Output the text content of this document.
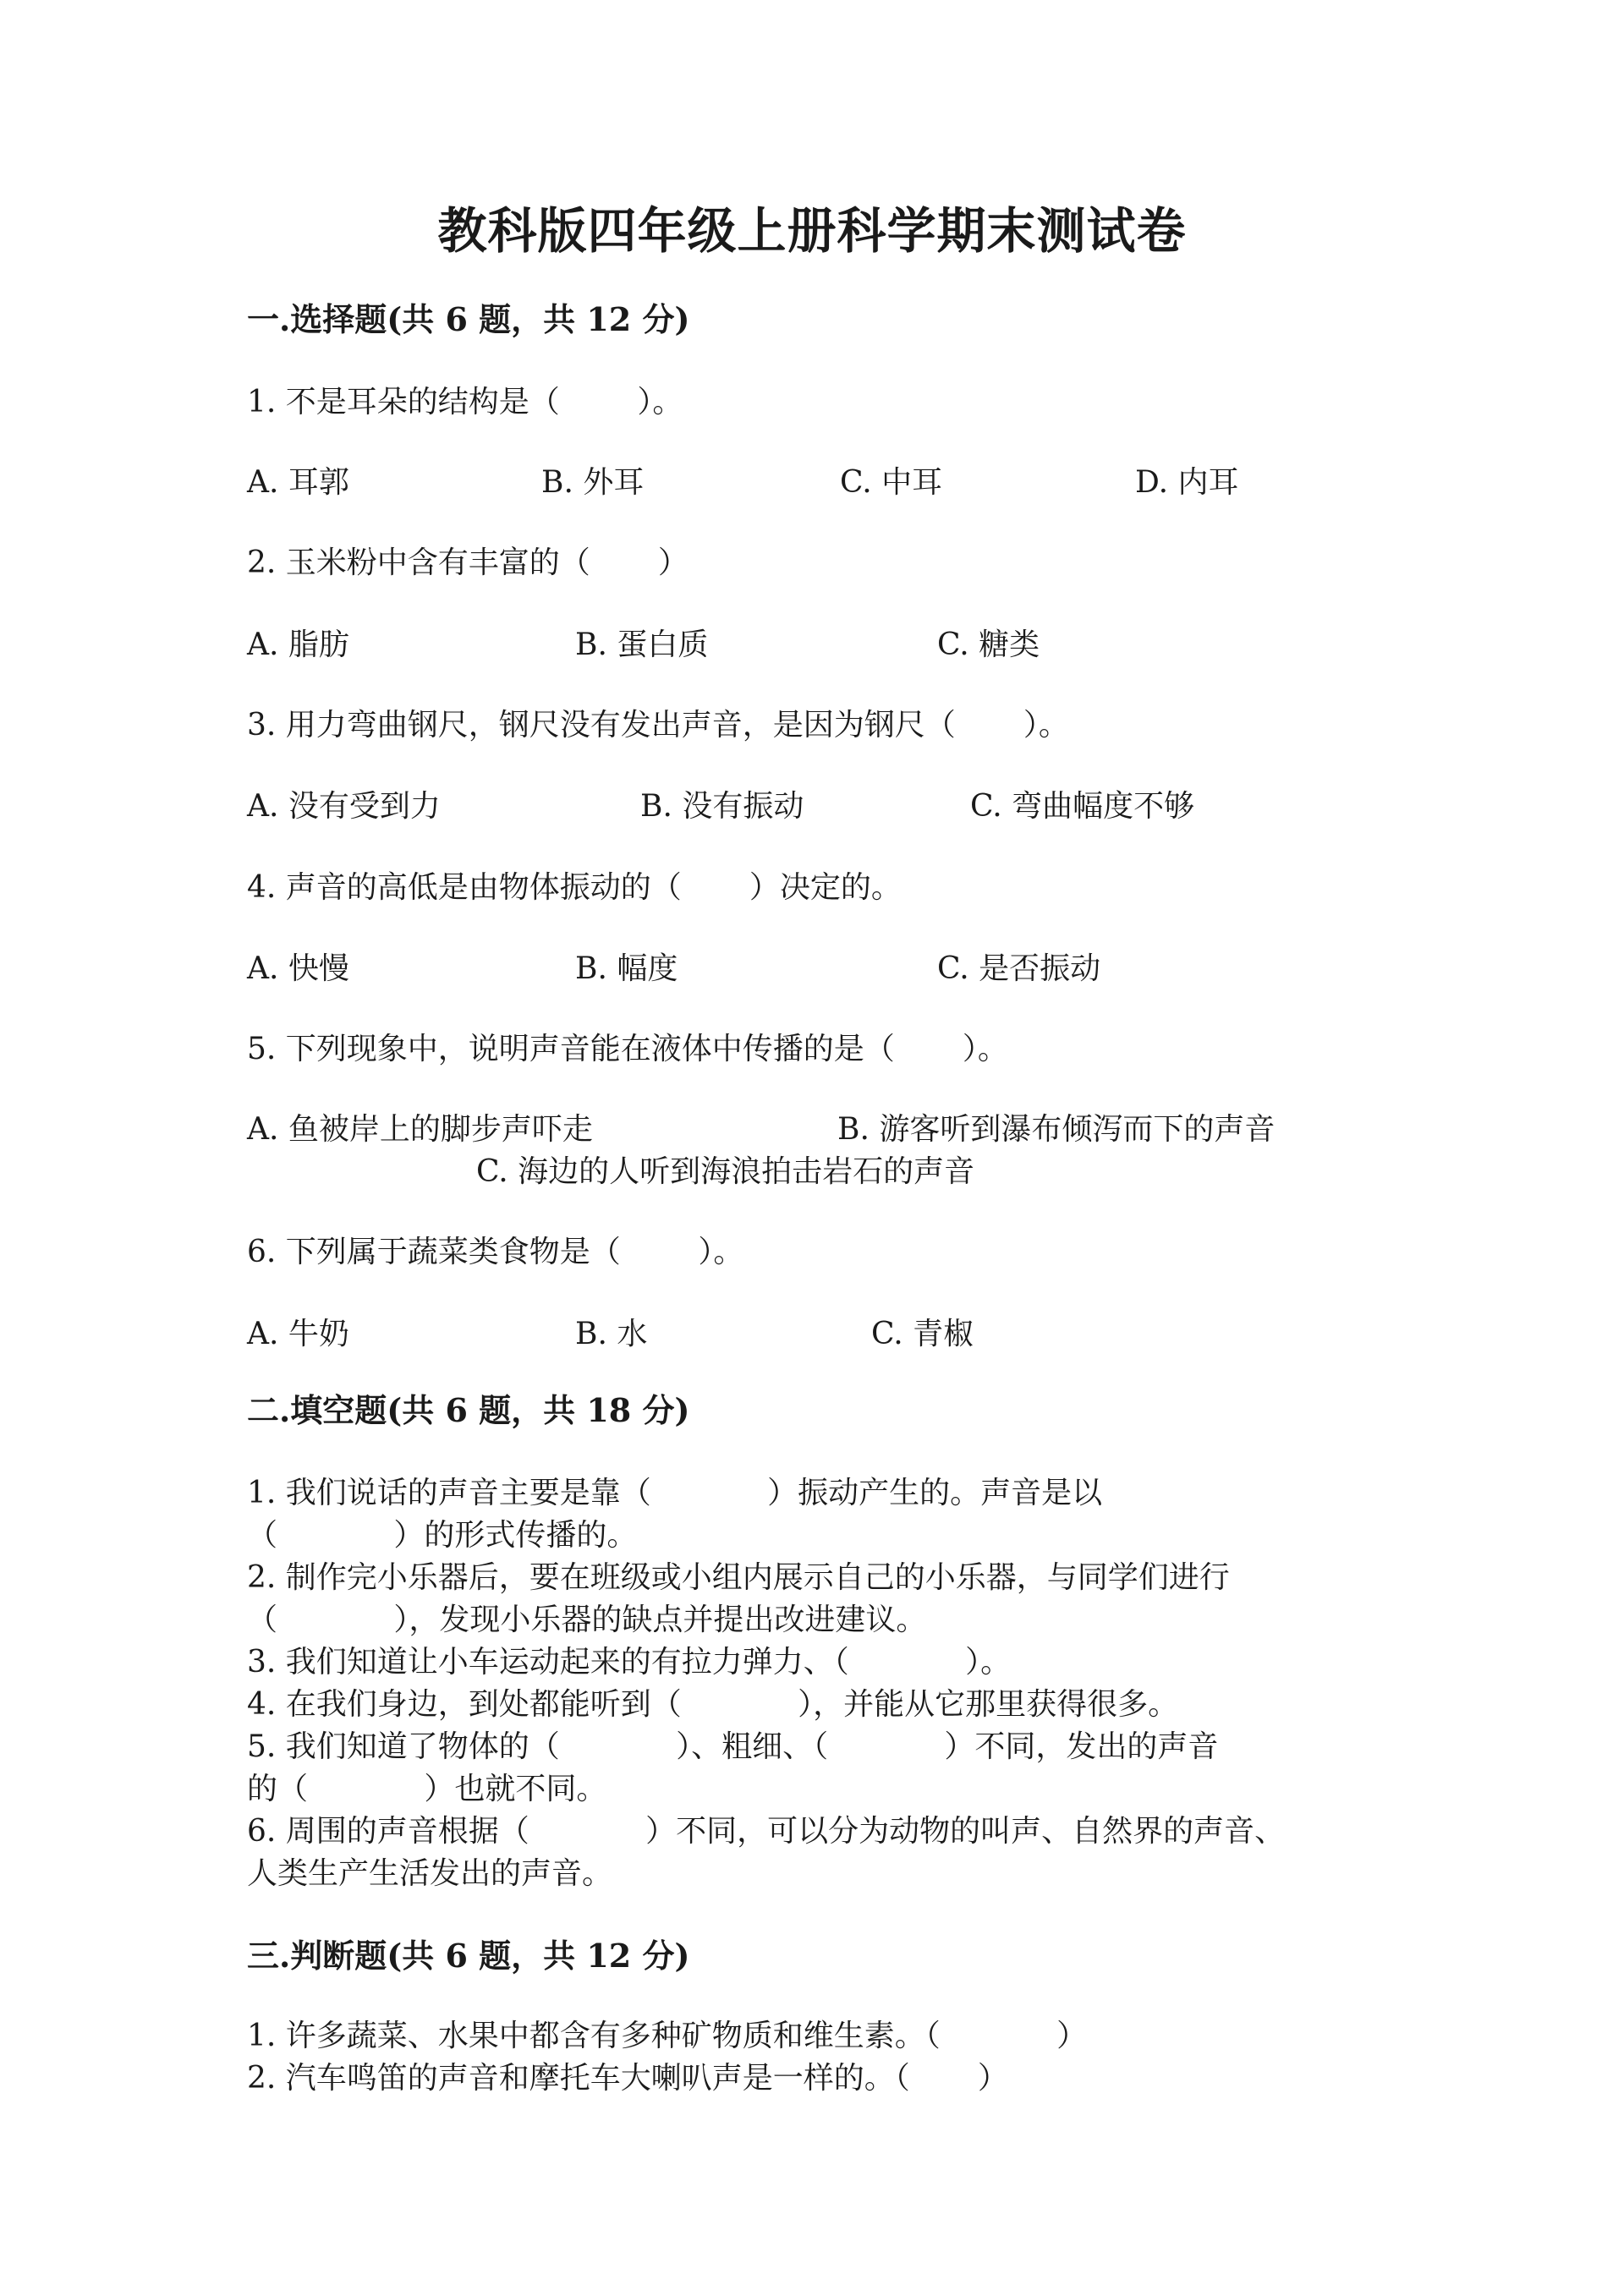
教科版四年级上册科学期末测试卷
一.选择题(共 6 题，共 12 分)
1. 不是耳朵的结构是（        ）。
A. 耳郭	B. 外耳	C. 中耳	D. 内耳
2. 玉米粉中含有丰富的（       ）
A. 脂肪	B. 蛋白质	C. 糖类
3. 用力弯曲钢尺，钢尺没有发出声音，是因为钢尺（       ）。
A. 没有受到力	B. 没有振动	C. 弯曲幅度不够
4. 声音的高低是由物体振动的（       ）决定的。
A. 快慢	B. 幅度	C. 是否振动
5. 下列现象中，说明声音能在液体中传播的是（       ）。
A. 鱼被岸上的脚步声吓走	B. 游客听到瀑布倾泻而下的声音
C. 海边的人听到海浪拍击岩石的声音
6. 下列属于蔬菜类食物是（        ）。
A. 牛奶	B. 水	C. 青椒
二.填空题(共 6 题，共 18 分)
1. 我们说话的声音主要是靠（            ）振动产生的。声音是以
（            ）的形式传播的。
2. 制作完小乐器后，要在班级或小组内展示自己的小乐器，与同学们进行
（            ），发现小乐器的缺点并提出改进建议。
3. 我们知道让小车运动起来的有拉力弹力、（            ）。
4. 在我们身边，到处都能听到（            ），并能从它那里获得很多。
5. 我们知道了物体的（            ）、粗细、（            ）不同，发出的声音
的（            ）也就不同。
6. 周围的声音根据（            ）不同，可以分为动物的叫声、自然界的声音、
人类生产生活发出的声音。
三.判断题(共 6 题，共 12 分)
1. 许多蔬菜、水果中都含有多种矿物质和维生素。（            ）
2. 汽车鸣笛的声音和摩托车大喇叭声是一样的。（       ）
